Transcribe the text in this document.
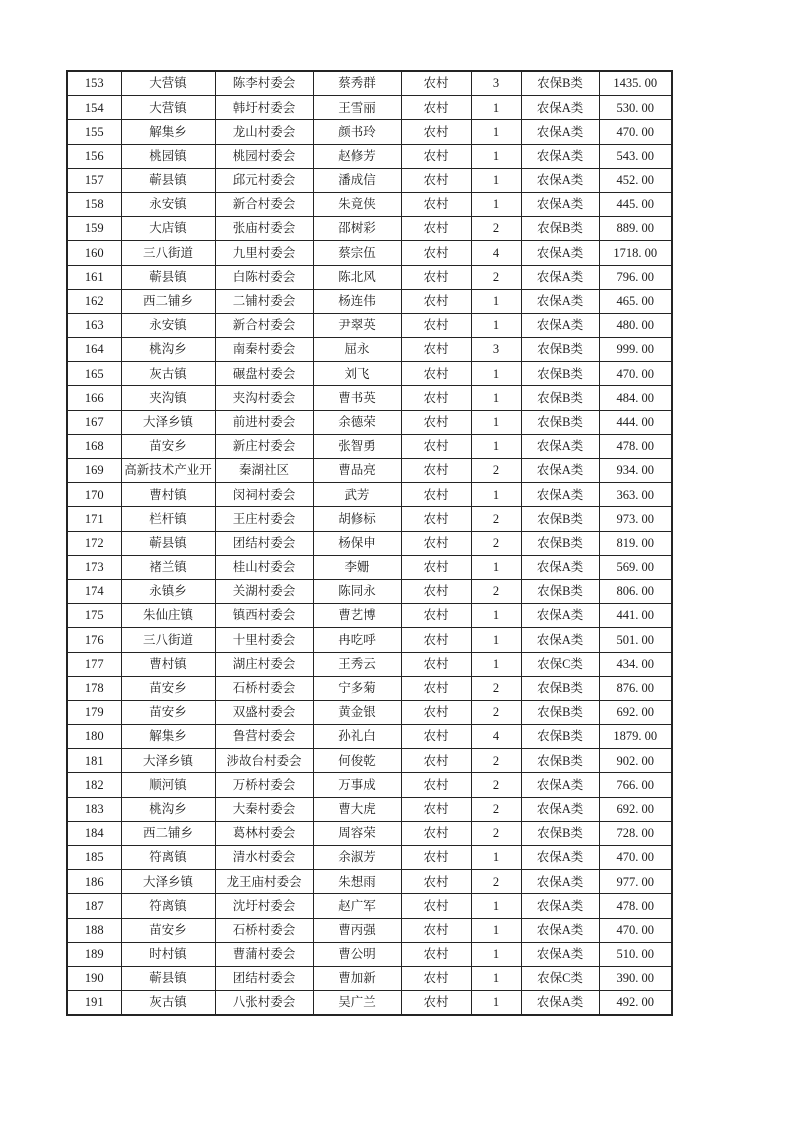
153	大营镇	陈李村委会	蔡秀群	农村	3	农保B类	1435. 00
154	大营镇	韩圩村委会	王雪丽	农村	1	农保A类	530. 00
155	解集乡	龙山村委会	颜书玲	农村	1	农保A类	470. 00
156	桃园镇	桃园村委会	赵修芳	农村	1	农保A类	543. 00
157	蕲县镇	邱元村委会	潘成信	农村	1	农保A类	452. 00
158	永安镇	新合村委会	朱竟侠	农村	1	农保A类	445. 00
159	大店镇	张庙村委会	邵树彩	农村	2	农保B类	889. 00
160	三八街道	九里村委会	蔡宗伍	农村	4	农保A类	1718. 00
161	蕲县镇	白陈村委会	陈北风	农村	2	农保A类	796. 00
162	西二铺乡	二铺村委会	杨连伟	农村	1	农保A类	465. 00
163	永安镇	新合村委会	尹翠英	农村	1	农保A类	480. 00
164	桃沟乡	南秦村委会	屈永	农村	3	农保B类	999. 00
165	灰古镇	碾盘村委会	刘飞	农村	1	农保B类	470. 00
166	夹沟镇	夹沟村委会	曹书英	农村	1	农保B类	484. 00
167	大泽乡镇	前进村委会	余德荣	农村	1	农保B类	444. 00
168	苗安乡	新庄村委会	张智勇	农村	1	农保A类	478. 00
169	高新技术产业开	秦湖社区	曹品亮	农村	2	农保A类	934. 00
170	曹村镇	闵祠村委会	武芳	农村	1	农保A类	363. 00
171	栏杆镇	王庄村委会	胡修标	农村	2	农保B类	973. 00
172	蕲县镇	团结村委会	杨保申	农村	2	农保B类	819. 00
173	褚兰镇	桂山村委会	李姗	农村	1	农保A类	569. 00
174	永镇乡	关湖村委会	陈同永	农村	2	农保B类	806. 00
175	朱仙庄镇	镇西村委会	曹艺博	农村	1	农保A类	441. 00
176	三八街道	十里村委会	冉吃呼	农村	1	农保A类	501. 00
177	曹村镇	湖庄村委会	王秀云	农村	1	农保C类	434. 00
178	苗安乡	石桥村委会	宁多菊	农村	2	农保B类	876. 00
179	苗安乡	双盛村委会	黄金银	农村	2	农保B类	692. 00
180	解集乡	鲁营村委会	孙礼白	农村	4	农保B类	1879. 00
181	大泽乡镇	涉故台村委会	何俊乾	农村	2	农保B类	902. 00
182	顺河镇	万桥村委会	万事成	农村	2	农保A类	766. 00
183	桃沟乡	大秦村委会	曹大虎	农村	2	农保A类	692. 00
184	西二铺乡	葛林村委会	周容荣	农村	2	农保B类	728. 00
185	符离镇	清水村委会	余淑芳	农村	1	农保A类	470. 00
186	大泽乡镇	龙王庙村委会	朱想雨	农村	2	农保A类	977. 00
187	符离镇	沈圩村委会	赵广军	农村	1	农保A类	478. 00
188	苗安乡	石桥村委会	曹丙强	农村	1	农保A类	470. 00
189	时村镇	曹蒲村委会	曹公明	农村	1	农保A类	510. 00
190	蕲县镇	团结村委会	曹加新	农村	1	农保C类	390. 00
191	灰古镇	八张村委会	吴广兰	农村	1	农保A类	492. 00
